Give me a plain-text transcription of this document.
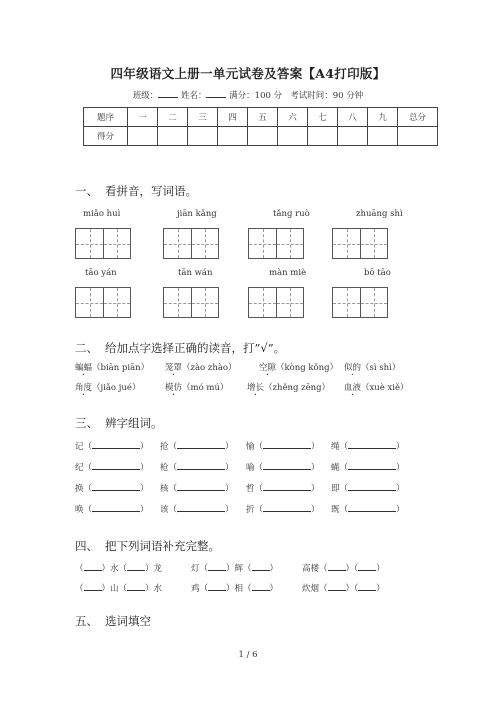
四年级语文上册一单元试卷及答案【A4打印版】
班级：	姓名：	满分：100 分 考试时间：90 分钟
题序	一	二	三	四	五	六	七	八	九	总分
得分										
一、 看拼音，写词语。
miǎo huì	jiān kǎng	tǎng ruò	zhuāng shì
tāo yán	tān wán	màn miè	bō tāo
二、 给加点字选择正确的读音，打”√”。
蝙蝠（biān piān） 笼罩（zào zhào）	空隙（kòng kǒng） 似的（sì shì）
角度（jiǎo jué）	模仿（mó mú） 增长（zhěng zēng） 血液（xuè xiě）
三、 辨字组词。
记（	） 抢（	） 愉（	） 绳（	）
纪（	） 枪（	） 喻（	） 蝇（	）
换（	） 核（	） 哲（	） 即（	）
唤（	） 该（	） 折（	） 既（	）
四、 把下列词语补充完整。
（ ）水（ ）龙	灯（ ）辉（ ）	高楼（ ）（ ）
（ ）山（ ）水	鸡（ ）相（ ）	炊烟（ ）（ ）
五、 选词填空
1 / 6
